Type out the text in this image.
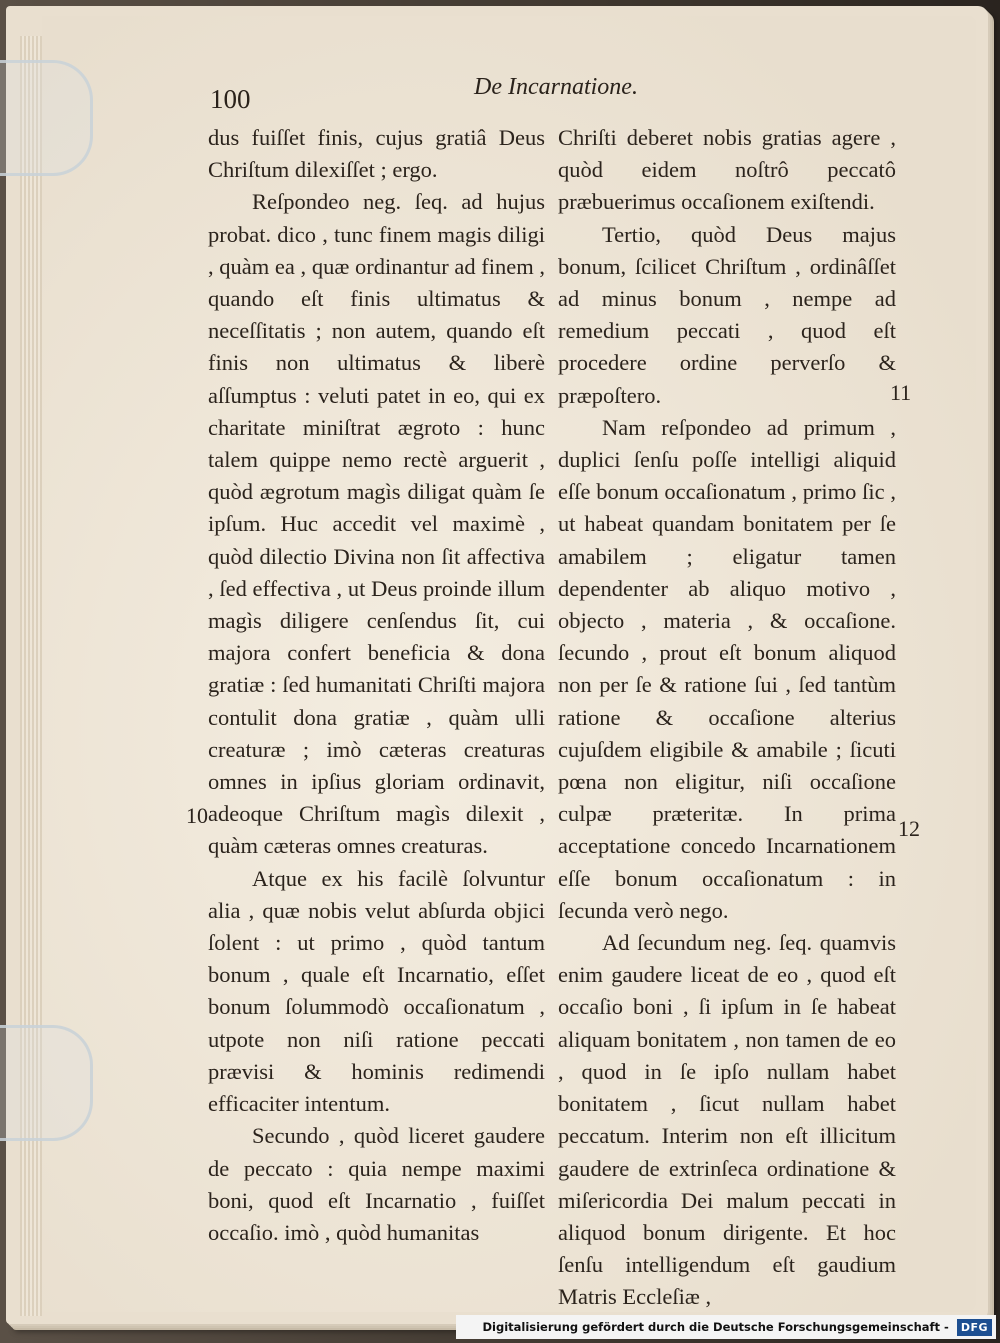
100	De Incarnatione.

dus fuiſſet finis, cujus gratiâ Deus Chriſtum dilexiſſet ; ergo.

Reſpondeo neg. ſeq. ad hujus probat. dico , tunc finem magis diligi , quàm ea , quæ ordinantur ad finem , quando eſt finis ultimatus & neceſſitatis ; non autem, quando eſt finis non ultimatus & liberè aſſumptus : veluti patet in eo, qui ex charitate miniſtrat ægroto : hunc talem quippe nemo rectè arguerit , quòd ægrotum magìs diligat quàm ſe ipſum. Huc accedit vel maximè , quòd dilectio Divina non ſit affectiva , ſed effectiva , ut Deus proinde illum magìs diligere cenſendus ſit, cui majora confert beneficia & dona gratiæ : ſed humanitati Chriſti majora contulit dona gratiæ , quàm ulli creaturæ ; imò cæteras creaturas omnes in ipſius gloriam ordinavit, adeoque Chriſtum magìs dilexit , quàm cæteras omnes creaturas.

Atque ex his facilè ſolvuntur alia , quæ nobis velut abſurda objici ſolent : ut primo , quòd tantum bonum , quale eſt Incarnatio, eſſet bonum ſolummodò occaſionatum , utpote non niſi ratione peccati prævisi & hominis redimendi efficaciter intentum.

Secundo , quòd liceret gaudere de peccato : quia nempe maximi boni, quod eſt Incarnatio , fuiſſet occaſio. imò , quòd humanitas

Chriſti deberet nobis gratias agere , quòd eidem noſtrô peccatô præbuerimus occaſionem exiſtendi.

Tertio, quòd Deus majus bonum, ſcilicet Chriſtum , ordinâſſet ad minus bonum , nempe ad remedium peccati , quod eſt procedere ordine perverſo & præpoſtero.

Nam reſpondeo ad primum , duplici ſenſu poſſe intelligi aliquid eſſe bonum occaſionatum , primo ſic , ut habeat quandam bonitatem per ſe amabilem ; eligatur tamen dependenter ab aliquo motivo , objecto , materia , & occaſione. ſecundo , prout eſt bonum aliquod non per ſe & ratione ſui , ſed tantùm ratione & occaſione alterius cujuſdem eligibile & amabile ; ſicuti pœna non eligitur, niſi occaſione culpæ præteritæ. In prima acceptatione concedo Incarnationem eſſe bonum occaſionatum : in ſecunda verò nego.

Ad ſecundum neg. ſeq. quamvis enim gaudere liceat de eo , quod eſt occaſio boni , ſi ipſum in ſe habeat aliquam bonitatem , non tamen de eo , quod in ſe ipſo nullam habet bonitatem , ſicut nullam habet peccatum. Interim non eſt illicitum gaudere de extrinſeca ordinatione & miſericordia Dei malum peccati in aliquod bonum dirigente. Et hoc ſenſu intelligendum eſt gaudium Matris Eccleſiæ ,

10
11
12
Digitalisierung gefördert durch die Deutsche Forschungsgemeinschaft -	DFG
